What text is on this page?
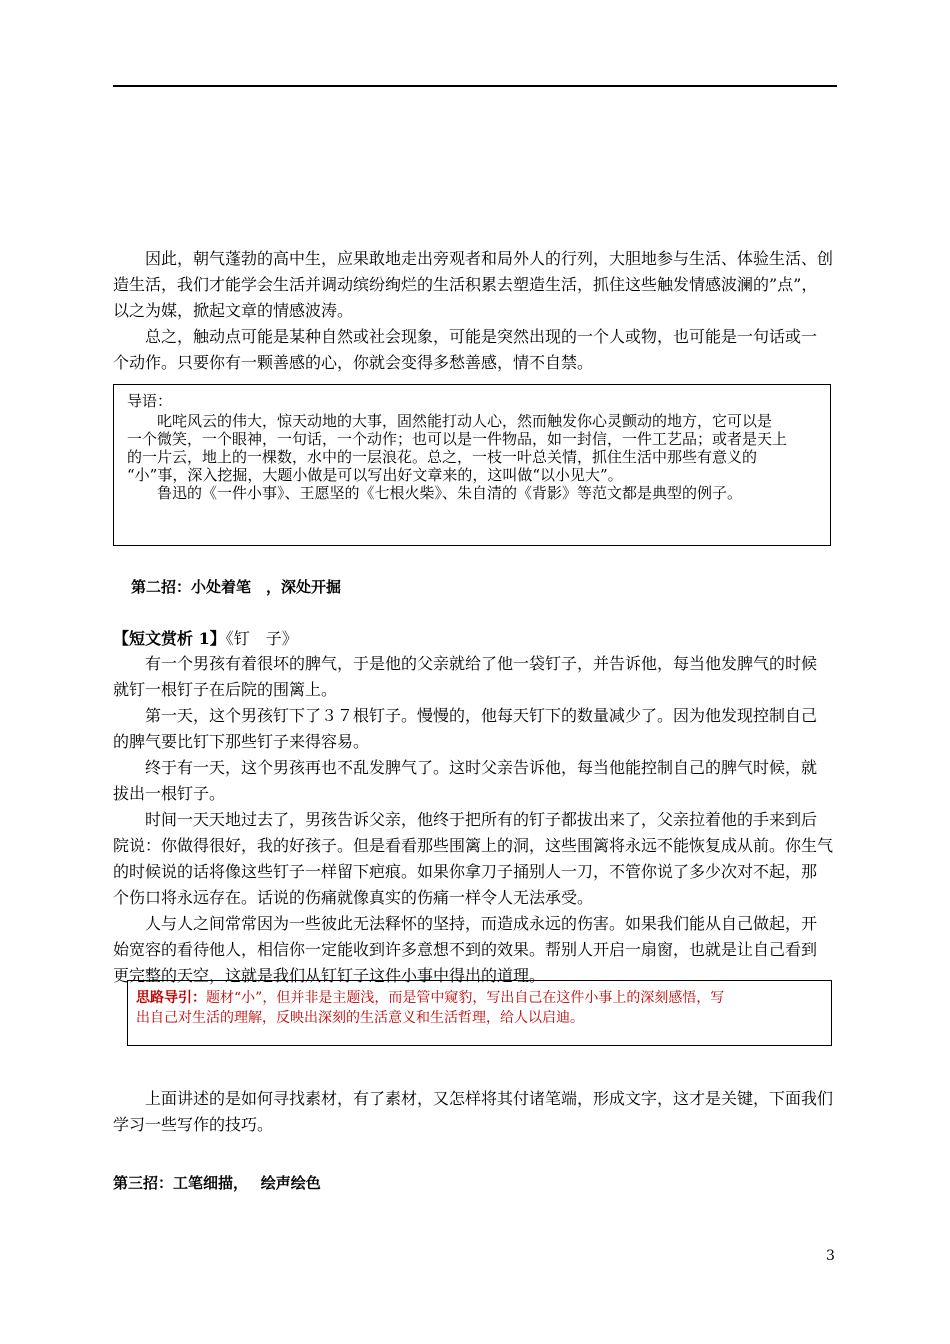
因此，朝气蓬勃的高中生，应果敢地走出旁观者和局外人的行列，大胆地参与生活、体验生活、创
造生活，我们才能学会生活并调动缤纷绚烂的生活积累去塑造生活，抓住这些触发情感波澜的”点”，
以之为媒，掀起文章的情感波涛。
总之，触动点可能是某种自然或社会现象，可能是突然出现的一个人或物，也可能是一句话或一
个动作。只要你有一颗善感的心，你就会变得多愁善感，情不自禁。
导语：
叱咤风云的伟大，惊天动地的大事，固然能打动人心，然而触发你心灵颤动的地方，它可以是
一个微笑，一个眼神，一句话，一个动作；也可以是一件物品，如一封信，一件工艺品；或者是天上
的一片云，地上的一棵数，水中的一层浪花。总之，一枝一叶总关情，抓住生活中那些有意义的
“小”事，深入挖掘，大题小做是可以写出好文章来的，这叫做“以小见大”。
鲁迅的《一件小事》、王愿坚的《七根火柴》、朱自清的《背影》等范文都是典型的例子。
第二招：小处着笔　，深处开掘
【短文赏析 1】《钉　子》
有一个男孩有着很坏的脾气，于是他的父亲就给了他一袋钉子，并告诉他，每当他发脾气的时候
就钉一根钉子在后院的围篱上。
第一天，这个男孩钉下了３７根钉子。慢慢的，他每天钉下的数量减少了。因为他发现控制自己
的脾气要比钉下那些钉子来得容易。
终于有一天，这个男孩再也不乱发脾气了。这时父亲告诉他，每当他能控制自己的脾气时候，就
拔出一根钉子。
时间一天天地过去了，男孩告诉父亲，他终于把所有的钉子都拔出来了，父亲拉着他的手来到后
院说：你做得很好，我的好孩子。但是看看那些围篱上的洞，这些围篱将永远不能恢复成从前。你生气
的时候说的话将像这些钉子一样留下疤痕。如果你拿刀子捅别人一刀，不管你说了多少次对不起，那
个伤口将永远存在。话说的伤痛就像真实的伤痛一样令人无法承受。
人与人之间常常因为一些彼此无法释怀的坚持，而造成永远的伤害。如果我们能从自己做起，开
始宽容的看待他人，相信你一定能收到许多意想不到的效果。帮别人开启一扇窗，也就是让自己看到
更完整的天空，这就是我们从钉钉子这件小事中得出的道理。
思路导引：题材“小”，但并非是主题浅，而是管中窥豹，写出自己在这件小事上的深刻感悟，写
出自己对生活的理解，反映出深刻的生活意义和生活哲理，给人以启迪。
上面讲述的是如何寻找素材，有了素材，又怎样将其付诸笔端，形成文字，这才是关键，下面我们
学习一些写作的技巧。
第三招：工笔细描，　 绘声绘色
3
